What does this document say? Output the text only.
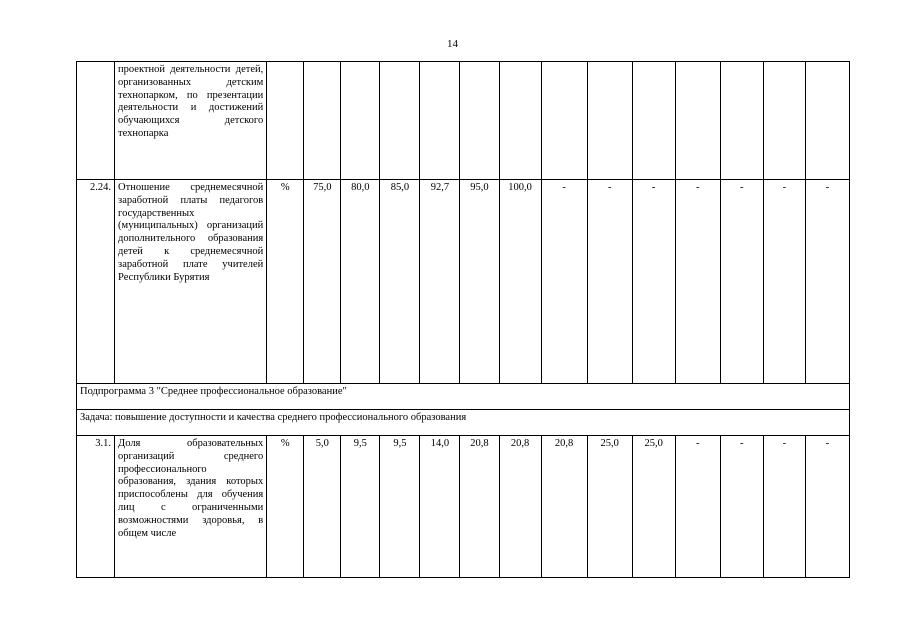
14
	проектной деятельности детей, организованных детским технопарком, по презентации деятельности и достижений обучающихся детского технопарка														
2.24.	Отношение среднемесячной заработной платы педагогов государственных (муниципальных) организаций дополнительного образования детей к среднемесячной заработной плате учителей Республики Бурятия	%	75,0	80,0	85,0	92,7	95,0	100,0	-	-	-	-	-	-	-
Подпрограмма 3 "Среднее профессиональное образование"															
Задача: повышение доступности и качества среднего профессионального образования															
3.1.	Доля образовательных организаций среднего профессионального образования, здания которых приспособлены для обучения лиц с ограниченными возможностями здоровья, в общем числе	%	5,0	9,5	9,5	14,0	20,8	20,8	20,8	25,0	25,0	-	-	-	-
